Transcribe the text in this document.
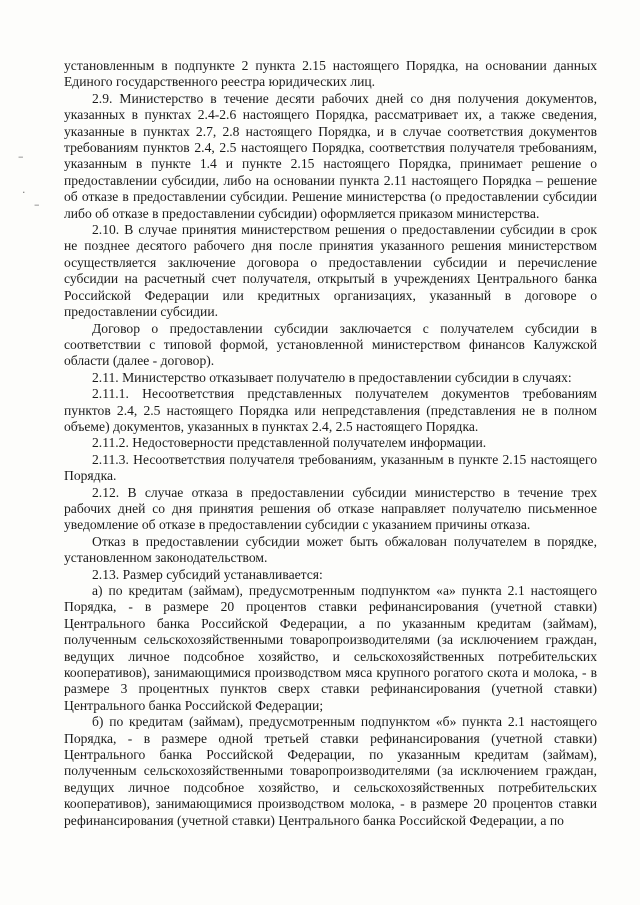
–
·
–

установленным в подпункте 2 пункта 2.15 настоящего Порядка, на основании данных Единого государственного реестра юридических лиц.

2.9. Министерство в течение десяти рабочих дней со дня получения документов, указанных в пунктах 2.4-2.6 настоящего Порядка, рассматривает их, а также сведения, указанные в пунктах 2.7, 2.8 настоящего Порядка, и в случае соответствия документов требованиям пунктов 2.4, 2.5 настоящего Порядка, соответствия получателя требованиям, указанным в пункте 1.4 и пункте 2.15 настоящего Порядка, принимает решение о предоставлении субсидии, либо на основании пункта 2.11 настоящего Порядка – решение об отказе в предоставлении субсидии. Решение министерства (о предоставлении субсидии либо об отказе в предоставлении субсидии) оформляется приказом министерства.

2.10. В случае принятия министерством решения о предоставлении субсидии в срок не позднее десятого рабочего дня после принятия указанного решения министерством осуществляется заключение договора о предоставлении субсидии и перечисление субсидии на расчетный счет получателя, открытый в учреждениях Центрального банка Российской Федерации или кредитных организациях, указанный в договоре о предоставлении субсидии.

Договор о предоставлении субсидии заключается с получателем субсидии в соответствии с типовой формой, установленной министерством финансов Калужской области (далее - договор).

2.11. Министерство отказывает получателю в предоставлении субсидии в случаях:

2.11.1. Несоответствия представленных получателем документов требованиям пунктов 2.4, 2.5 настоящего Порядка или непредставления (представления не в полном объеме) документов, указанных в пунктах 2.4, 2.5 настоящего Порядка.

2.11.2. Недостоверности представленной получателем информации.

2.11.3. Несоответствия получателя требованиям, указанным в пункте 2.15 настоящего Порядка.

2.12. В случае отказа в предоставлении субсидии министерство в течение трех рабочих дней со дня принятия решения об отказе направляет получателю письменное уведомление об отказе в предоставлении субсидии с указанием причины отказа.

Отказ в предоставлении субсидии может быть обжалован получателем в порядке, установленном законодательством.

2.13. Размер субсидий устанавливается:

а) по кредитам (займам), предусмотренным подпунктом «а» пункта 2.1 настоящего Порядка, - в размере 20 процентов ставки рефинансирования (учетной ставки) Центрального банка Российской Федерации, а по указанным кредитам (займам), полученным сельскохозяйственными товаропроизводителями (за исключением граждан, ведущих личное подсобное хозяйство, и сельскохозяйственных потребительских кооперативов), занимающимися производством мяса крупного рогатого скота и молока, - в размере 3 процентных пунктов сверх ставки рефинансирования (учетной ставки) Центрального банка Российской Федерации;

б) по кредитам (займам), предусмотренным подпунктом «б» пункта 2.1 настоящего Порядка, - в размере одной третьей ставки рефинансирования (учетной ставки) Центрального банка Российской Федерации, по указанным кредитам (займам), полученным сельскохозяйственными товаропроизводителями (за исключением граждан, ведущих личное подсобное хозяйство, и сельскохозяйственных потребительских кооперативов), занимающимися производством молока, - в размере 20 процентов ставки рефинансирования (учетной ставки) Центрального банка Российской Федерации, а по
